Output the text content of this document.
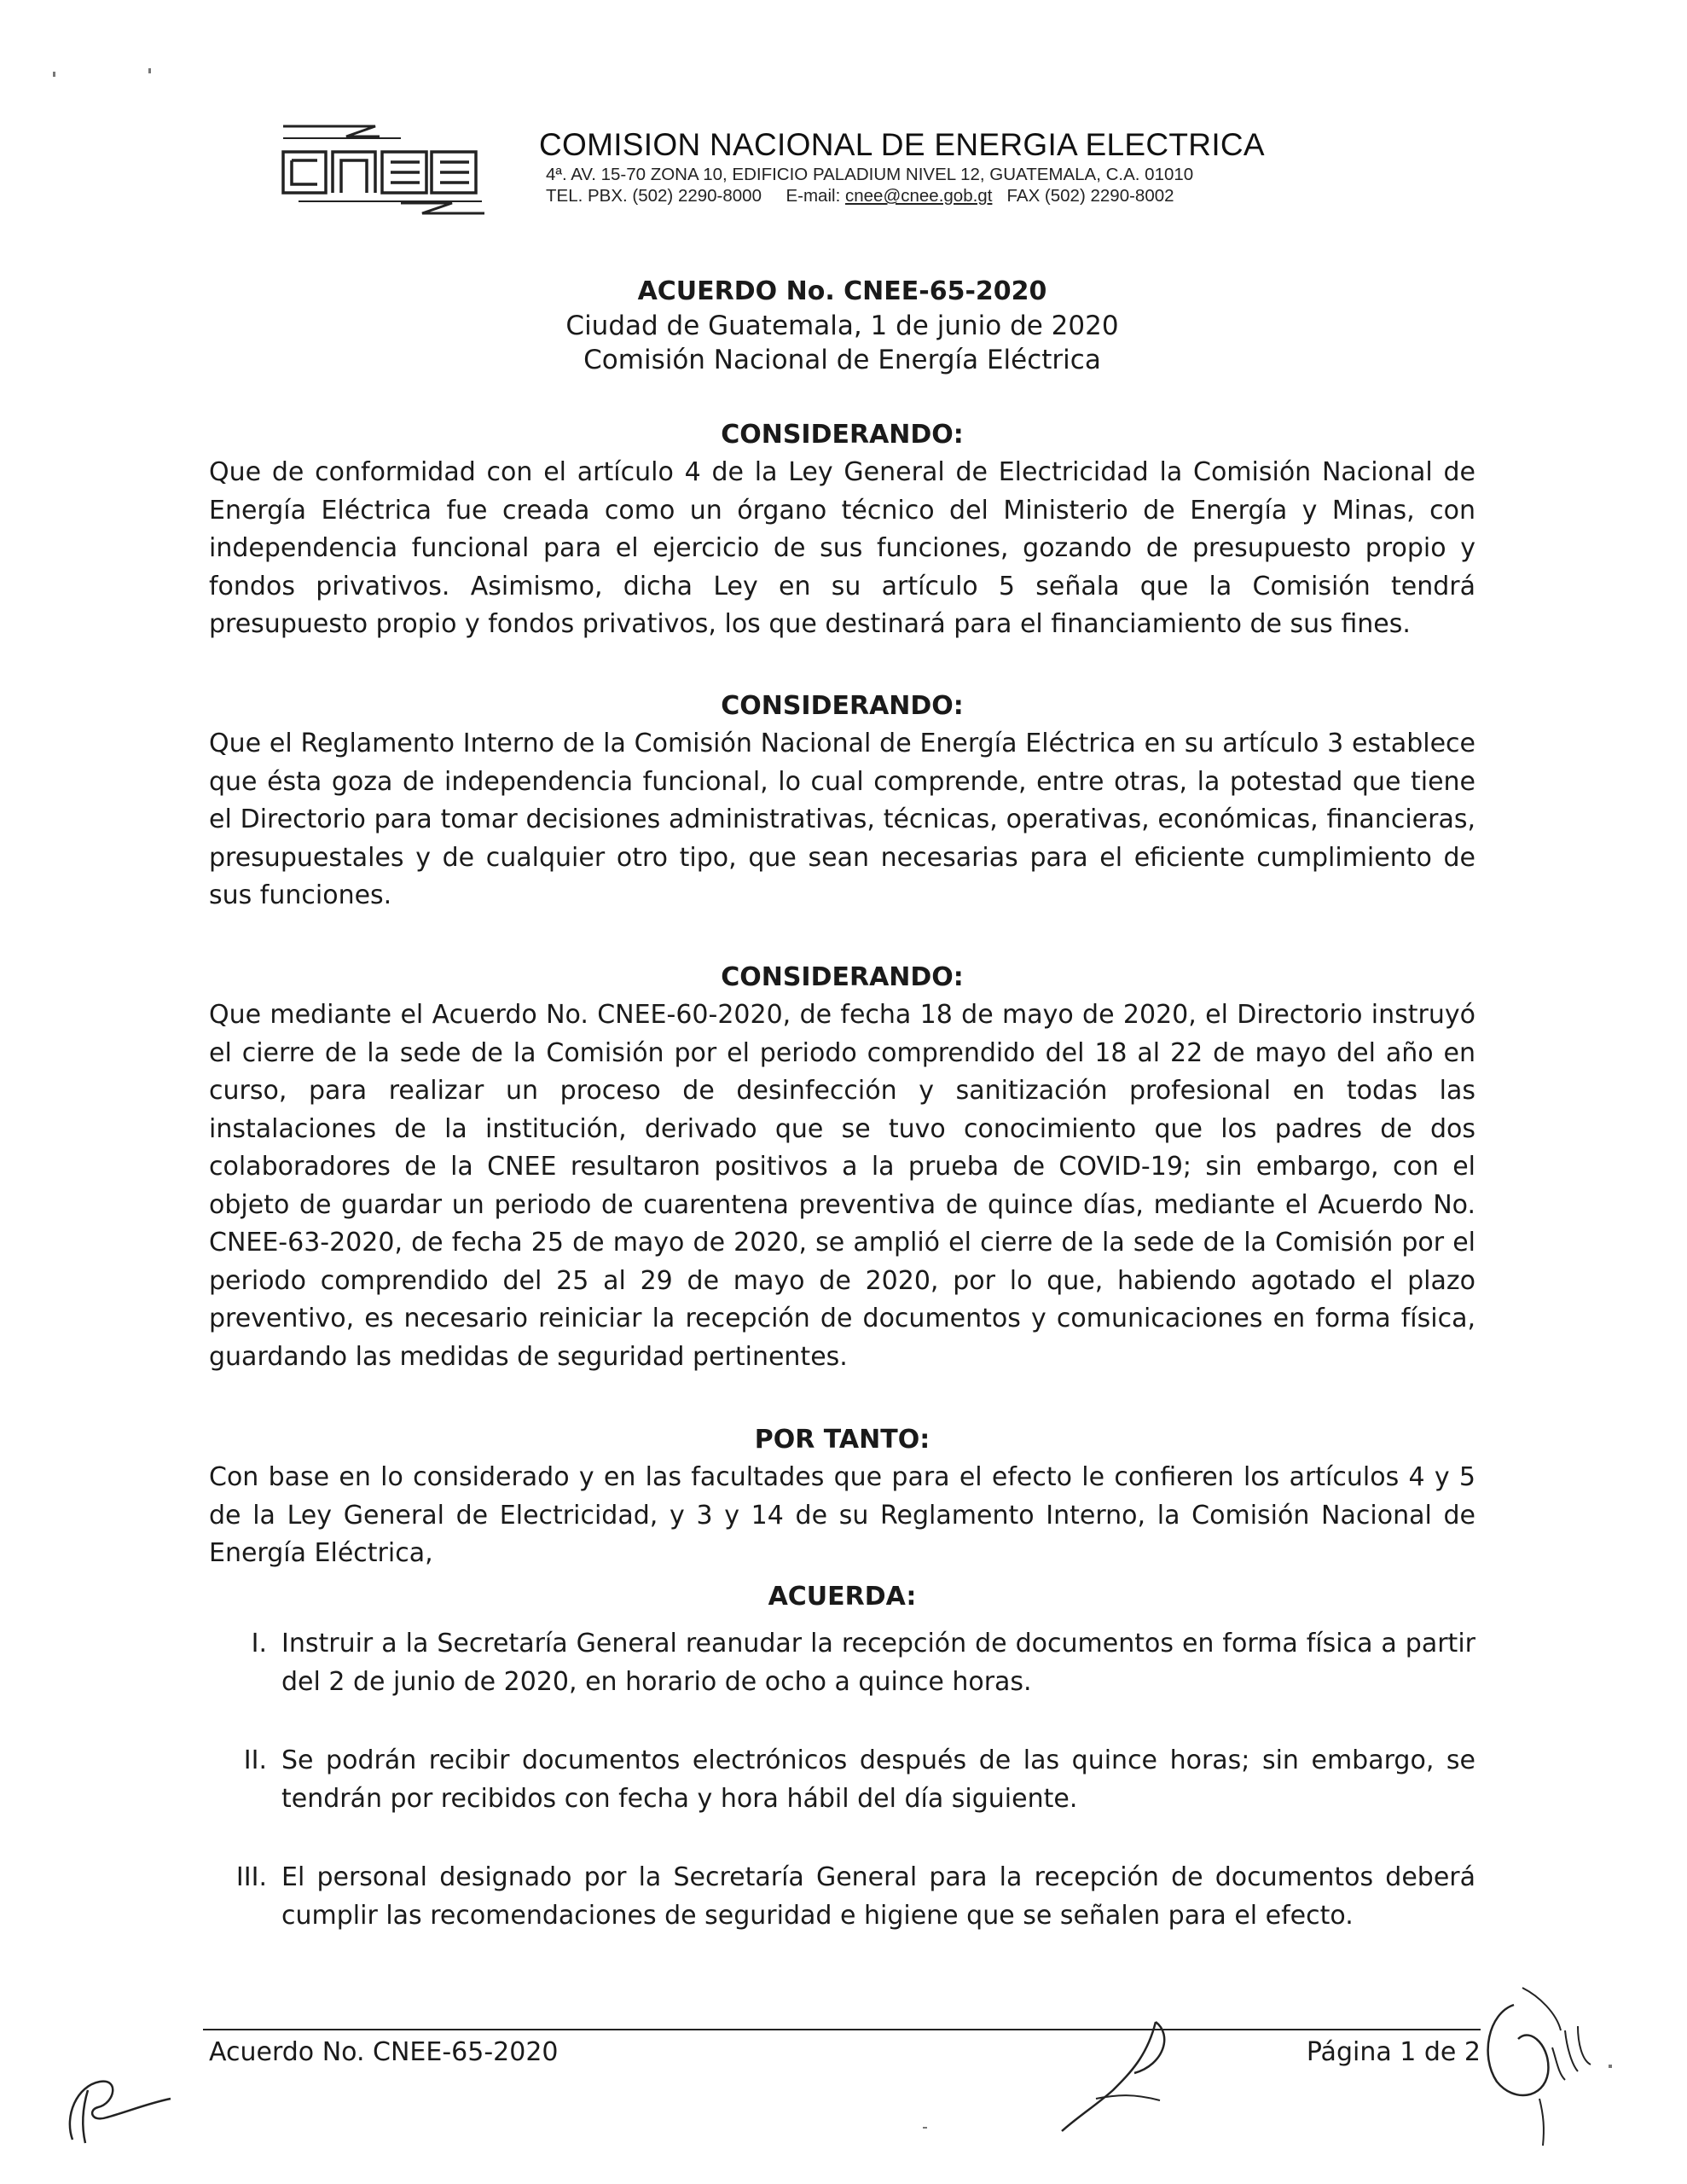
CNEE
COMISION NACIONAL DE ENERGIA ELECTRICA
4ª. AV. 15-70 ZONA 10, EDIFICIO PALADIUM NIVEL 12, GUATEMALA, C.A. 01010
TEL. PBX. (502) 2290-8000 E-mail: cnee@cnee.gob.gt FAX (502) 2290-8002
ACUERDO No. CNEE-65-2020
Ciudad de Guatemala, 1 de junio de 2020
Comisión Nacional de Energía Eléctrica
CONSIDERANDO:
Que de conformidad con el artículo 4 de la Ley General de Electricidad la Comisión Nacional de Energía Eléctrica fue creada como un órgano técnico del Ministerio de Energía y Minas, con independencia funcional para el ejercicio de sus funciones, gozando de presupuesto propio y fondos privativos. Asimismo, dicha Ley en su artículo 5 señala que la Comisión tendrá presupuesto propio y fondos privativos, los que destinará para el financiamiento de sus fines.
CONSIDERANDO:
Que el Reglamento Interno de la Comisión Nacional de Energía Eléctrica en su artículo 3 establece que ésta goza de independencia funcional, lo cual comprende, entre otras, la potestad que tiene el Directorio para tomar decisiones administrativas, técnicas, operativas, económicas, financieras, presupuestales y de cualquier otro tipo, que sean necesarias para el eficiente cumplimiento de sus funciones.
CONSIDERANDO:
Que mediante el Acuerdo No. CNEE-60-2020, de fecha 18 de mayo de 2020, el Directorio instruyó el cierre de la sede de la Comisión por el periodo comprendido del 18 al 22 de mayo del año en curso, para realizar un proceso de desinfección y sanitización profesional en todas las instalaciones de la institución, derivado que se tuvo conocimiento que los padres de dos colaboradores de la CNEE resultaron positivos a la prueba de COVID-19; sin embargo, con el objeto de guardar un periodo de cuarentena preventiva de quince días, mediante el Acuerdo No. CNEE-63-2020, de fecha 25 de mayo de 2020, se amplió el cierre de la sede de la Comisión por el periodo comprendido del 25 al 29 de mayo de 2020, por lo que, habiendo agotado el plazo preventivo, es necesario reiniciar la recepción de documentos y comunicaciones en forma física, guardando las medidas de seguridad pertinentes.
POR TANTO:
Con base en lo considerado y en las facultades que para el efecto le confieren los artículos 4 y 5 de la Ley General de Electricidad, y 3 y 14 de su Reglamento Interno, la Comisión Nacional de Energía Eléctrica,
ACUERDA:
I. Instruir a la Secretaría General reanudar la recepción de documentos en forma física a partir del 2 de junio de 2020, en horario de ocho a quince horas.
II. Se podrán recibir documentos electrónicos después de las quince horas; sin embargo, se tendrán por recibidos con fecha y hora hábil del día siguiente.
III. El personal designado por la Secretaría General para la recepción de documentos deberá cumplir las recomendaciones de seguridad e higiene que se señalen para el efecto.
Acuerdo No. CNEE-65-2020	Página 1 de 2
